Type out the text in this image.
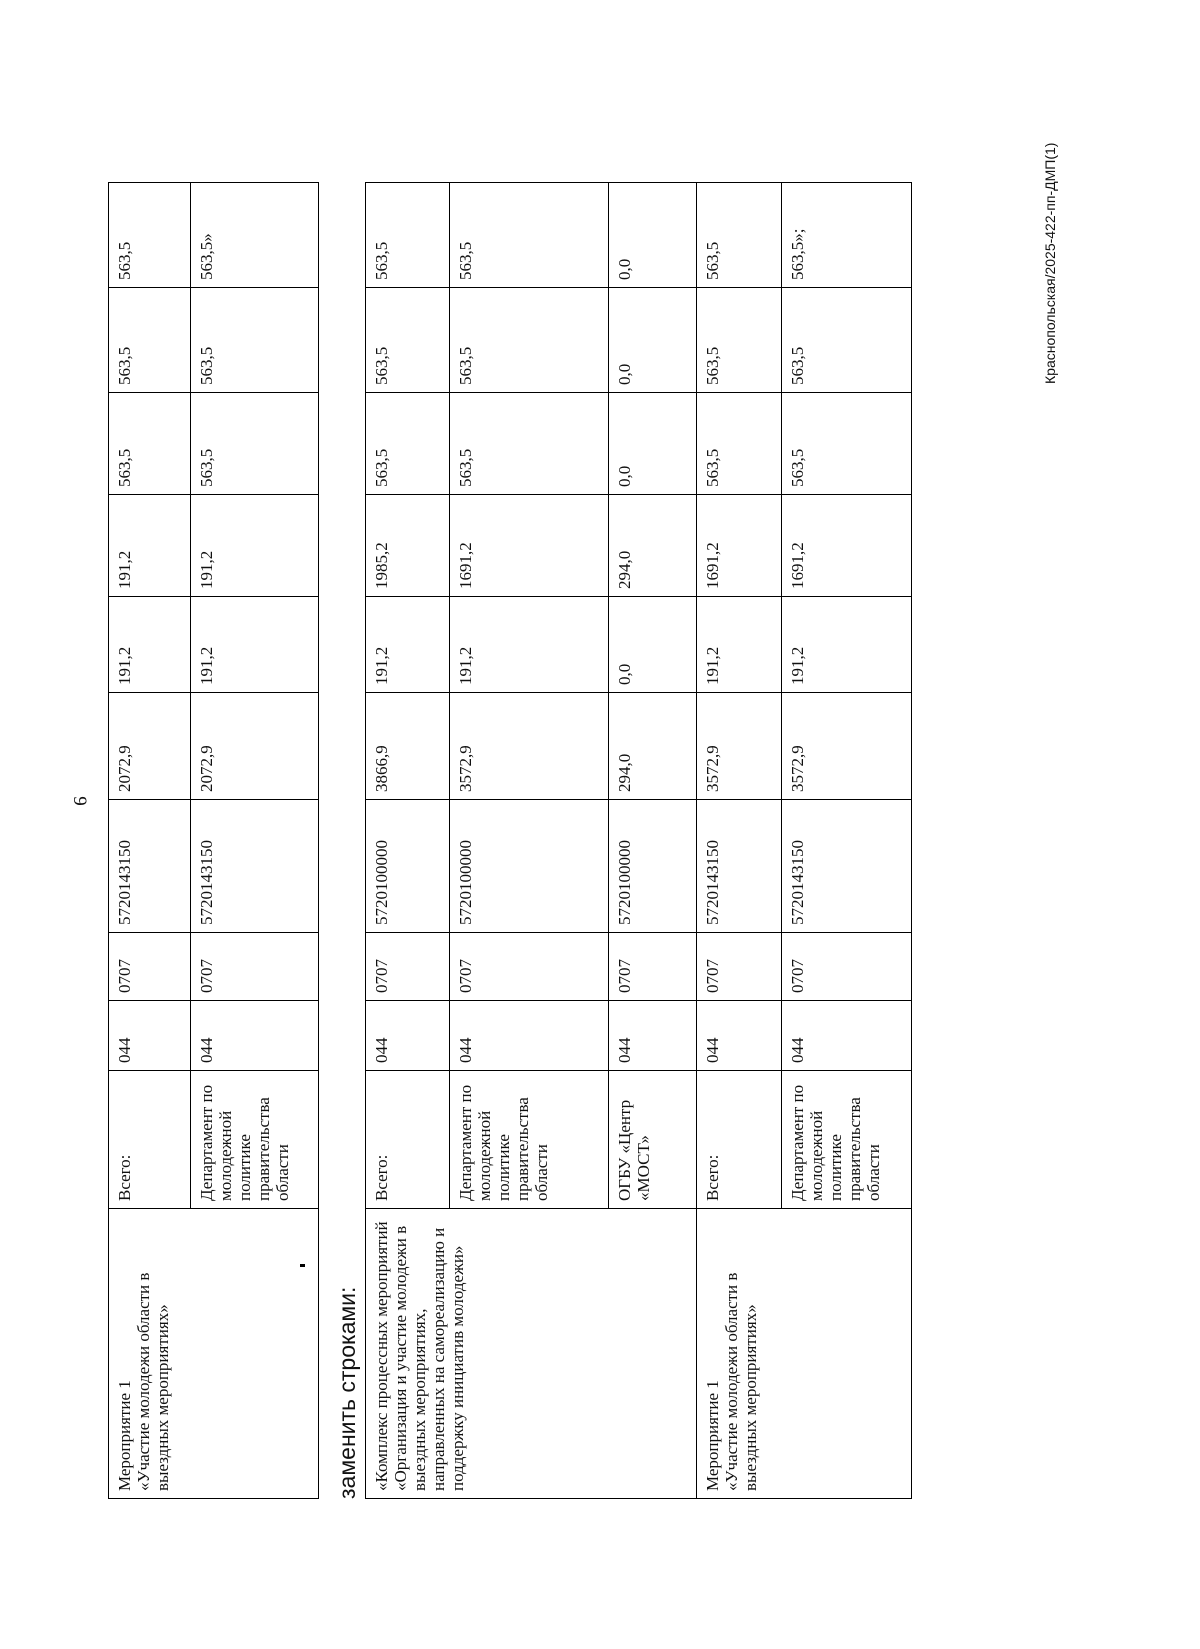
9
Мероприятие 1
«Участие молодежи области в выездных мероприятиях»	Всего:	044	0707	5720143150	2072,9	191,2	191,2	563,5	563,5	563,5
	Департамент по молодежной политике правительства области	044	0707	5720143150	2072,9	191,2	191,2	563,5	563,5	563,5»
заменить строками: «Комплекс процессных мероприятий «Организация и участие молодежи в выездных мероприятиях, направленных на самореализацию и поддержку инициатив молодежи»	Всего:	044	0707	5720100000	3866,9	191,2	1985,2	563,5	563,5	563,5
	Департамент по молодежной политике правительства области	044	0707	5720100000	3572,9	191,2	1691,2	563,5	563,5	563,5
	ОГБУ «Центр «МОСТ»	044	0707	5720100000	294,0	0,0	294,0	0,0	0,0	0,0
Мероприятие 1
«Участие молодежи области в выездных мероприятиях»	Всего:	044	0707	5720143150	3572,9	191,2	1691,2	563,5	563,5	563,5
	Департамент по молодежной политике правительства области	044	0707	5720143150	3572,9	191,2	1691,2	563,5	563,5	563,5»;	Краснопольская/2025-422-пп-ДМП(1)
